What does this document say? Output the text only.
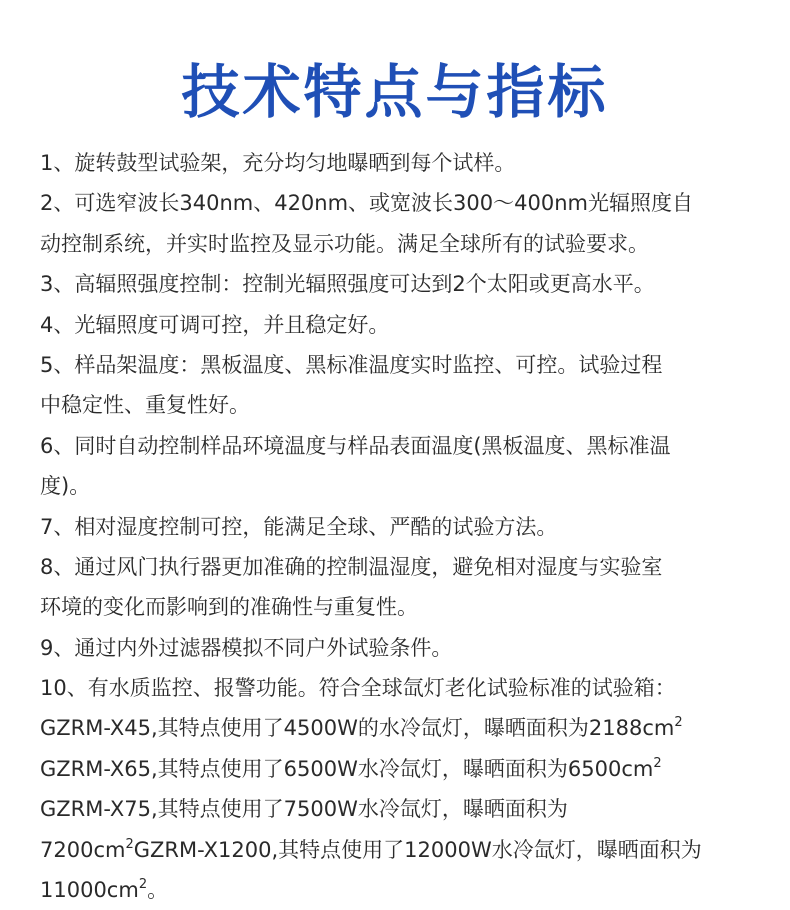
技术特点与指标
1、旋转鼓型试验架，充分均匀地曝晒到每个试样。
2、可选窄波长340nm、420nm、或宽波长300～400nm光辐照度自
动控制系统，并实时监控及显示功能。满足全球所有的试验要求。
3、高辐照强度控制：控制光辐照强度可达到2个太阳或更高水平。
4、光辐照度可调可控，并且稳定好。
5、样品架温度：黑板温度、黑标准温度实时监控、可控。试验过程
中稳定性、重复性好。
6、同时自动控制样品环境温度与样品表面温度(黑板温度、黑标准温
度)。
7、相对湿度控制可控，能满足全球、严酷的试验方法。
8、通过风门执行器更加准确的控制温湿度，避免相对湿度与实验室
环境的变化而影响到的准确性与重复性。
9、通过内外过滤器模拟不同户外试验条件。
10、有水质监控、报警功能。符合全球氙灯老化试验标准的试验箱：
GZRM-X45,其特点使用了4500W的水冷氙灯，曝晒面积为$2188cm^2$
GZRM-X65,其特点使用了6500W水冷氙灯，曝晒面积为$6500cm^2$
GZRM-X75,其特点使用了7500W水冷氙灯，曝晒面积为
$7200cm^2GZRM-X1200$,其特点使用了12000W水冷氙灯，曝晒面积为
$11000cm^2$。
